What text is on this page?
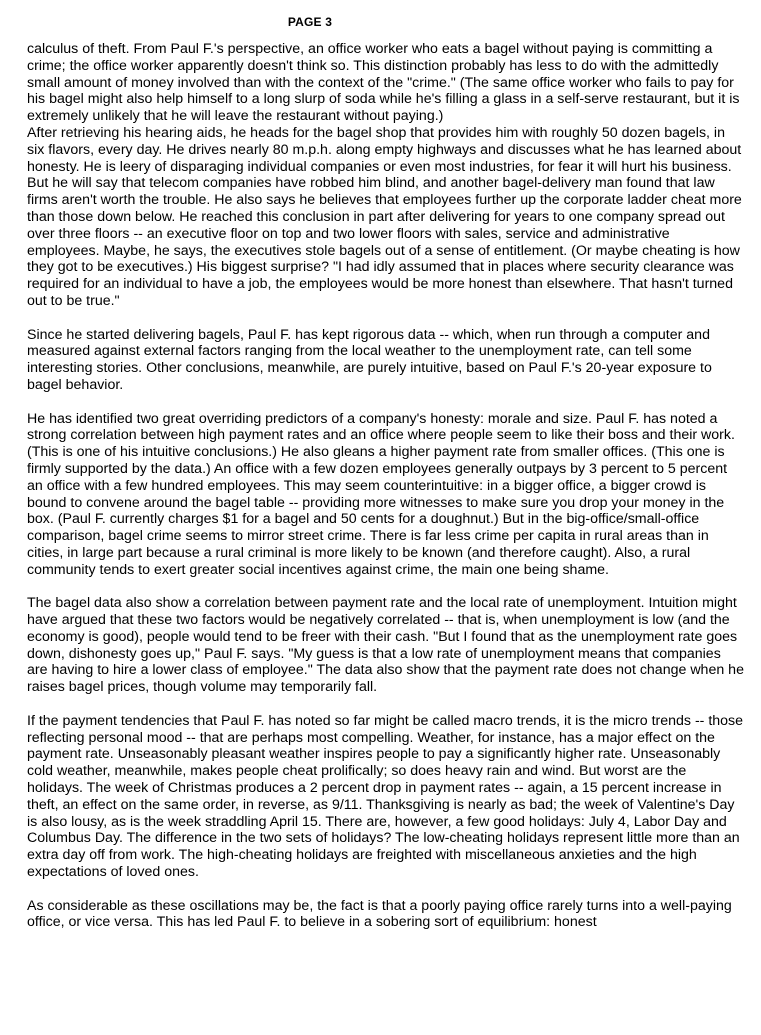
PAGE 3

calculus of theft. From Paul F.'s perspective, an office worker who eats a bagel without paying is committing a crime; the office worker apparently doesn't think so. This distinction probably has less to do with the admittedly small amount of money involved than with the context of the "crime." (The same office worker who fails to pay for his bagel might also help himself to a long slurp of soda while he's filling a glass in a self-serve restaurant, but it is extremely unlikely that he will leave the restaurant without paying.)

After retrieving his hearing aids, he heads for the bagel shop that provides him with roughly 50 dozen bagels, in six flavors, every day. He drives nearly 80 m.p.h. along empty highways and discusses what he has learned about honesty. He is leery of disparaging individual companies or even most industries, for fear it will hurt his business. But he will say that telecom companies have robbed him blind, and another bagel-delivery man found that law firms aren't worth the trouble. He also says he believes that employees further up the corporate ladder cheat more than those down below. He reached this conclusion in part after delivering for years to one company spread out over three floors -- an executive floor on top and two lower floors with sales, service and administrative employees. Maybe, he says, the executives stole bagels out of a sense of entitlement. (Or maybe cheating is how they got to be executives.) His biggest surprise? "I had idly assumed that in places where security clearance was required for an individual to have a job, the employees would be more honest than elsewhere. That hasn't turned out to be true."

Since he started delivering bagels, Paul F. has kept rigorous data -- which, when run through a computer and measured against external factors ranging from the local weather to the unemployment rate, can tell some interesting stories. Other conclusions, meanwhile, are purely intuitive, based on Paul F.'s 20-year exposure to bagel behavior.

He has identified two great overriding predictors of a company's honesty: morale and size. Paul F. has noted a strong correlation between high payment rates and an office where people seem to like their boss and their work. (This is one of his intuitive conclusions.) He also gleans a higher payment rate from smaller offices. (This one is firmly supported by the data.) An office with a few dozen employees generally outpays by 3 percent to 5 percent an office with a few hundred employees. This may seem counterintuitive: in a bigger office, a bigger crowd is bound to convene around the bagel table -- providing more witnesses to make sure you drop your money in the box. (Paul F. currently charges $1 for a bagel and 50 cents for a doughnut.) But in the big-office/small-office comparison, bagel crime seems to mirror street crime. There is far less crime per capita in rural areas than in cities, in large part because a rural criminal is more likely to be known (and therefore caught). Also, a rural community tends to exert greater social incentives against crime, the main one being shame.

The bagel data also show a correlation between payment rate and the local rate of unemployment. Intuition might have argued that these two factors would be negatively correlated -- that is, when unemployment is low (and the economy is good), people would tend to be freer with their cash. "But I found that as the unemployment rate goes down, dishonesty goes up," Paul F. says. "My guess is that a low rate of unemployment means that companies are having to hire a lower class of employee." The data also show that the payment rate does not change when he raises bagel prices, though volume may temporarily fall.

If the payment tendencies that Paul F. has noted so far might be called macro trends, it is the micro trends -- those reflecting personal mood -- that are perhaps most compelling. Weather, for instance, has a major effect on the payment rate. Unseasonably pleasant weather inspires people to pay a significantly higher rate. Unseasonably cold weather, meanwhile, makes people cheat prolifically; so does heavy rain and wind. But worst are the holidays. The week of Christmas produces a 2 percent drop in payment rates -- again, a 15 percent increase in theft, an effect on the same order, in reverse, as 9/11. Thanksgiving is nearly as bad; the week of Valentine's Day is also lousy, as is the week straddling April 15. There are, however, a few good holidays: July 4, Labor Day and Columbus Day. The difference in the two sets of holidays? The low-cheating holidays represent little more than an extra day off from work. The high-cheating holidays are freighted with miscellaneous anxieties and the high expectations of loved ones.

As considerable as these oscillations may be, the fact is that a poorly paying office rarely turns into a well-paying office, or vice versa. This has led Paul F. to believe in a sobering sort of equilibrium: honest
